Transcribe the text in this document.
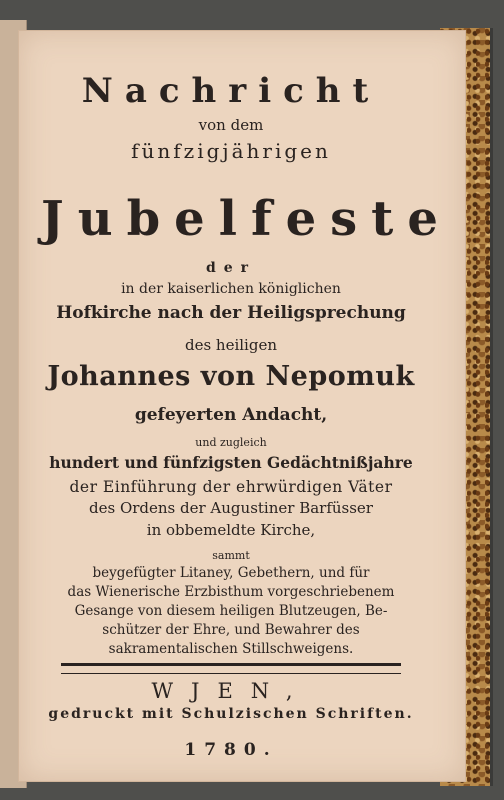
Nachricht
von dem
fünfzigjährigen
Jubelfeste
der
in der kaiserlichen königlichen
Hofkirche nach der Heiligsprechung
des heiligen
Johannes von Nepomuk
gefeyerten Andacht,
und zugleich
hundert und fünfzigsten Gedächtnißjahre
der Einführung der ehrwürdigen Väter
des Ordens der Augustiner Barfüsser
in obbemeldte Kirche,
sammt
beygefügter Litaney, Gebethern, und für
das Wienerische Erzbisthum vorgeschriebenem
Gesange von diesem heiligen Blutzeugen, Be-
schützer der Ehre, und Bewahrer des
sakramentalischen Stillschweigens.
WJEN,
gedruckt mit Schulzischen Schriften.
1780.
